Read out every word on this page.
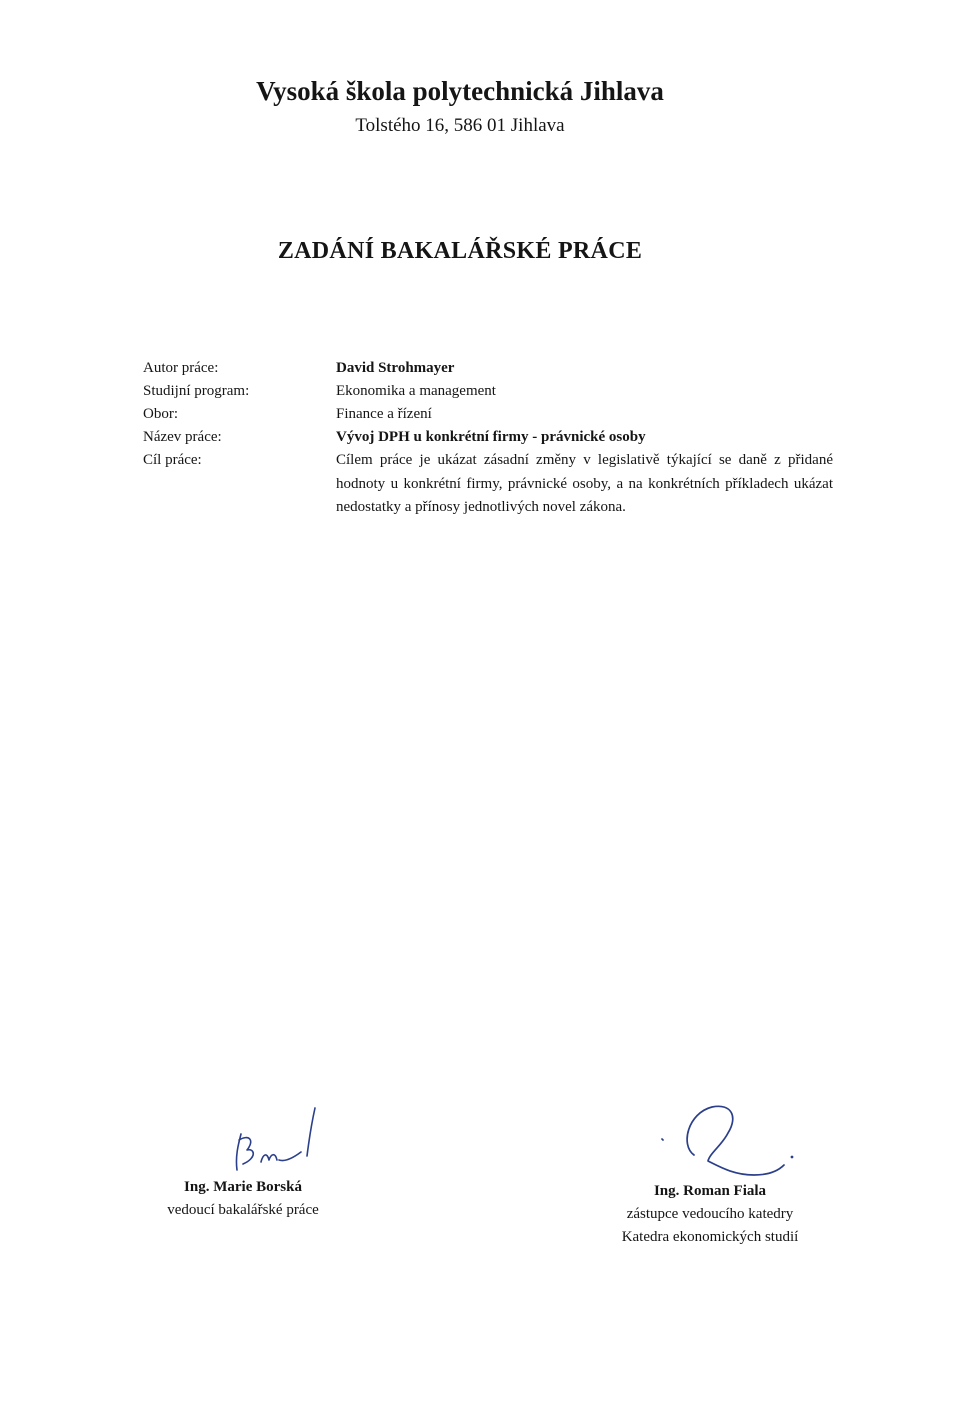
Vysoká škola polytechnická Jihlava
Tolstého 16, 586 01 Jihlava
ZADÁNÍ BAKALÁŘSKÉ PRÁCE
Autor práce:	David Strohmayer
Studijní program:	Ekonomika a management
Obor:	Finance a řízení
Název práce:	Vývoj DPH u konkrétní firmy - právnické osoby
Cíl práce:	Cílem práce je ukázat zásadní změny v legislativě týkající se daně z přidané hodnoty u konkrétní firmy, právnické osoby, a na konkrétních příkladech ukázat nedostatky a přínosy jednotlivých novel zákona.
Ing. Marie Borská
vedoucí bakalářské práce
Ing. Roman Fiala
zástupce vedoucího katedry
Katedra ekonomických studií
